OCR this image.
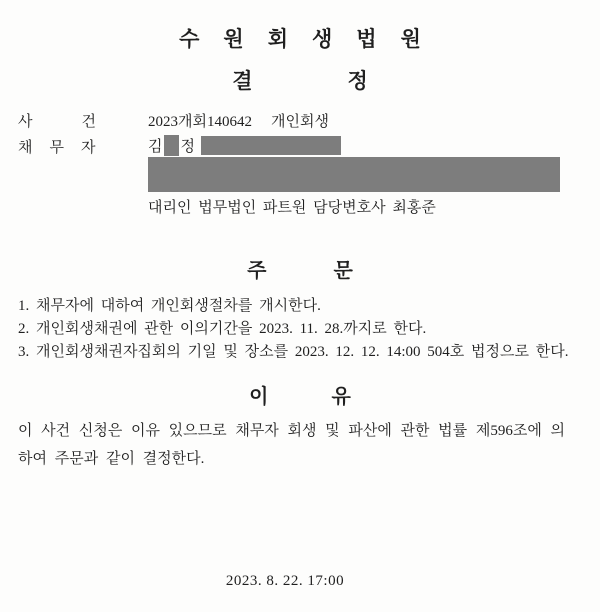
수원회생법원
결정
사건 2023개회140642 개인회생
채무자 김 정
대리인 법무법인 파트원 담당변호사 최홍준
주문
1. 채무자에 대하여 개인회생절차를 개시한다.
2. 개인회생채권에 관한 이의기간을 2023. 11. 28.까지로 한다.
3. 개인회생채권자집회의 기일 및 장소를 2023. 12. 12. 14:00 504호 법정으로 한다.
이유
이 사건 신청은 이유 있으므로 채무자 회생 및 파산에 관한 법률 제596조에 의하여 주문과 같이 결정한다.
2023. 8. 22. 17:00
